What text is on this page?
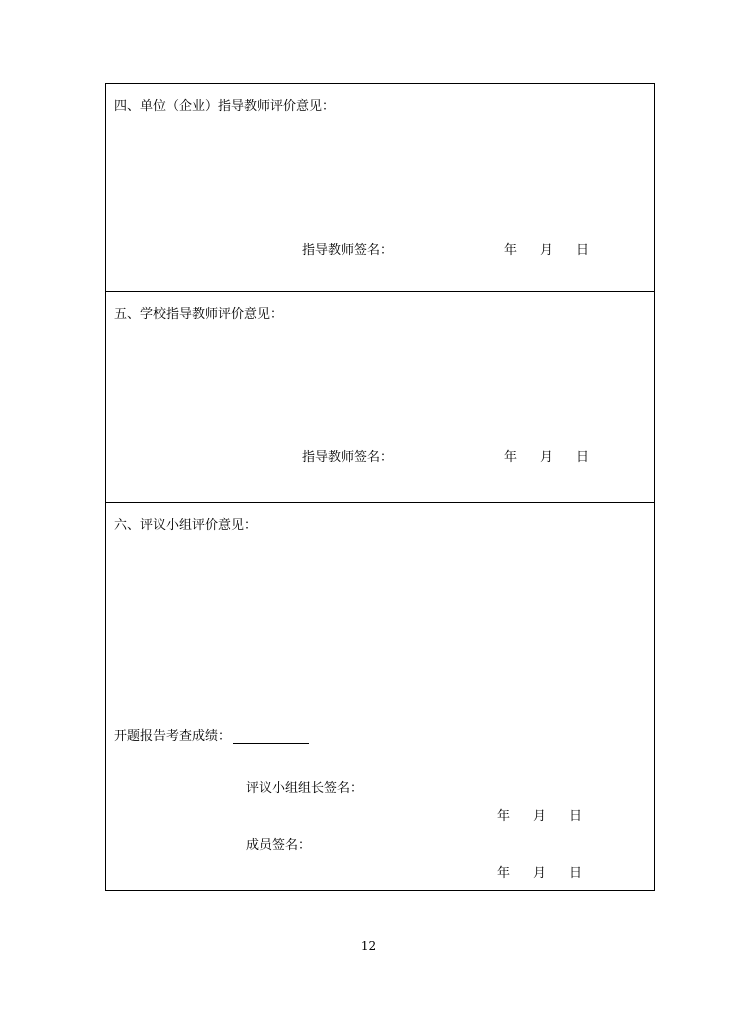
四、单位（企业）指导教师评价意见：
指导教师签名：	年 月 日
五、学校指导教师评价意见：
指导教师签名：	年 月 日
六、评议小组评价意见：
开题报告考查成绩：
评议小组组长签名：
年 月 日
成员签名：
年 月 日
12
